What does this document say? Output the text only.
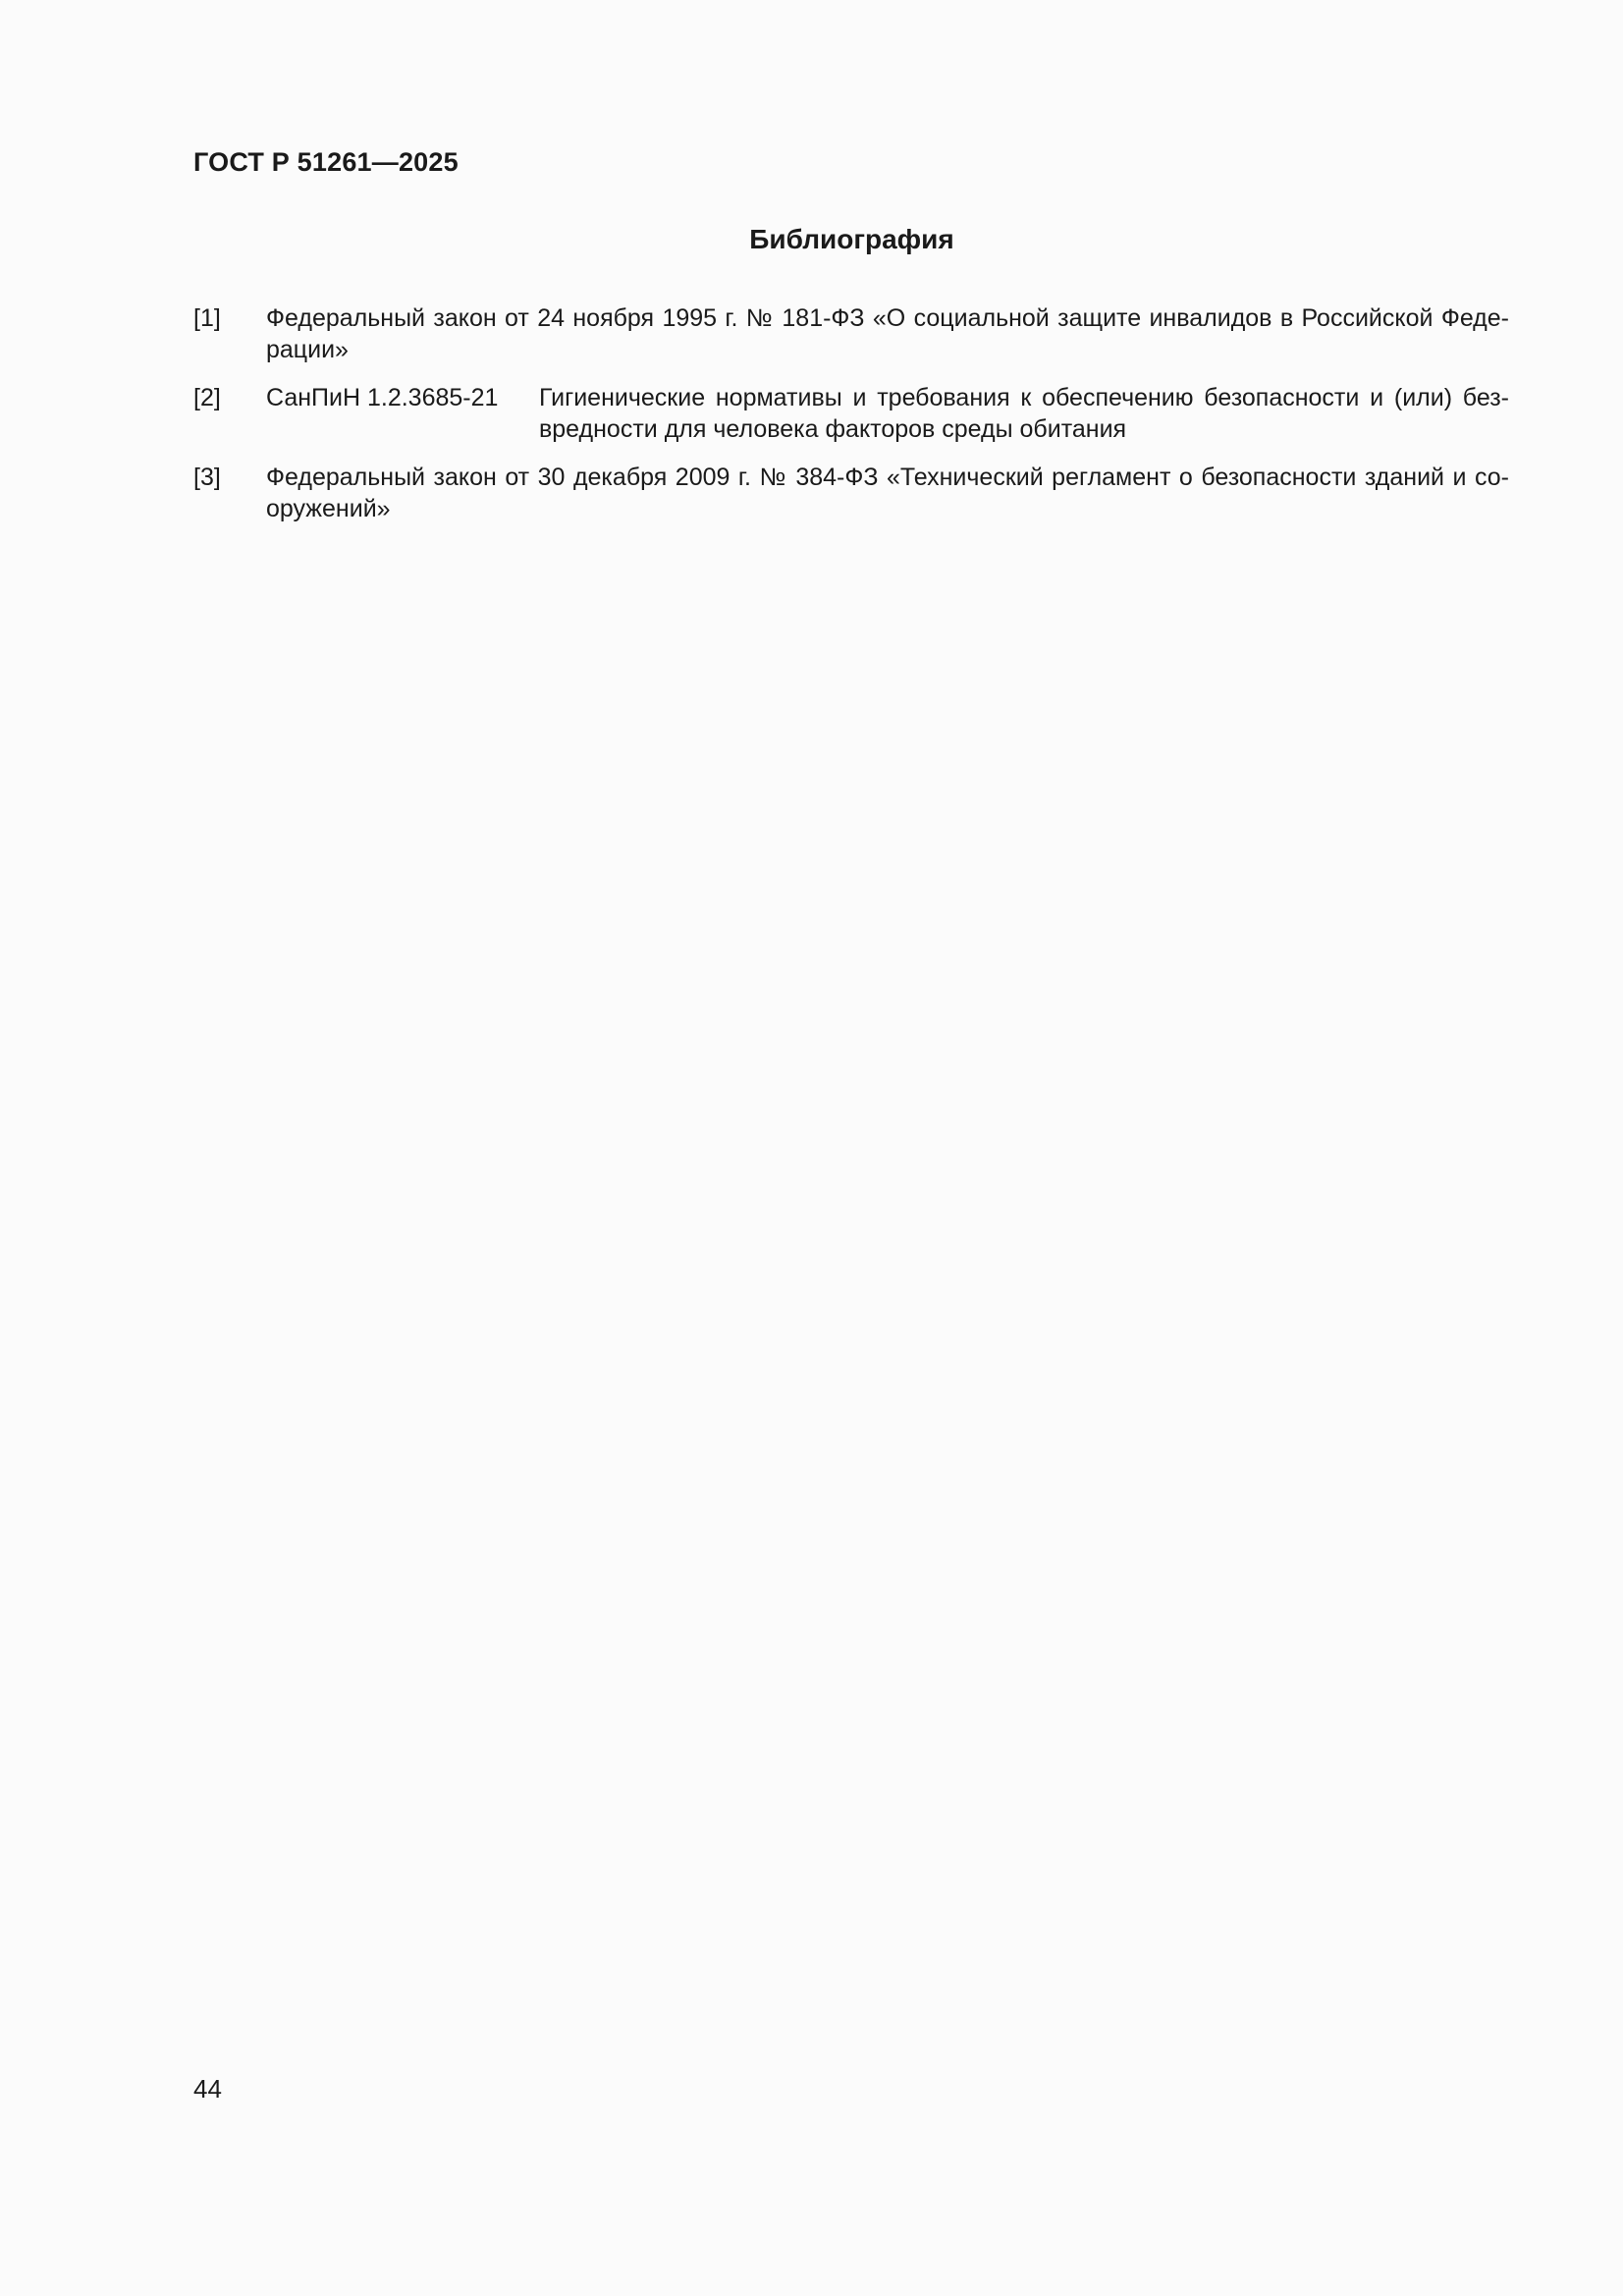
ГОСТ Р 51261—2025
Библиография
[1] Федеральный закон от 24 ноября 1995 г. № 181-ФЗ «О социальной защите инвалидов в Российской Феде-рации»
[2] СанПиН 1.2.3685-21 Гигиенические нормативы и требования к обеспечению безопасности и (или) без-вредности для человека факторов среды обитания
[3] Федеральный закон от 30 декабря 2009 г. № 384-ФЗ «Технический регламент о безопасности зданий и со-оружений»
44
